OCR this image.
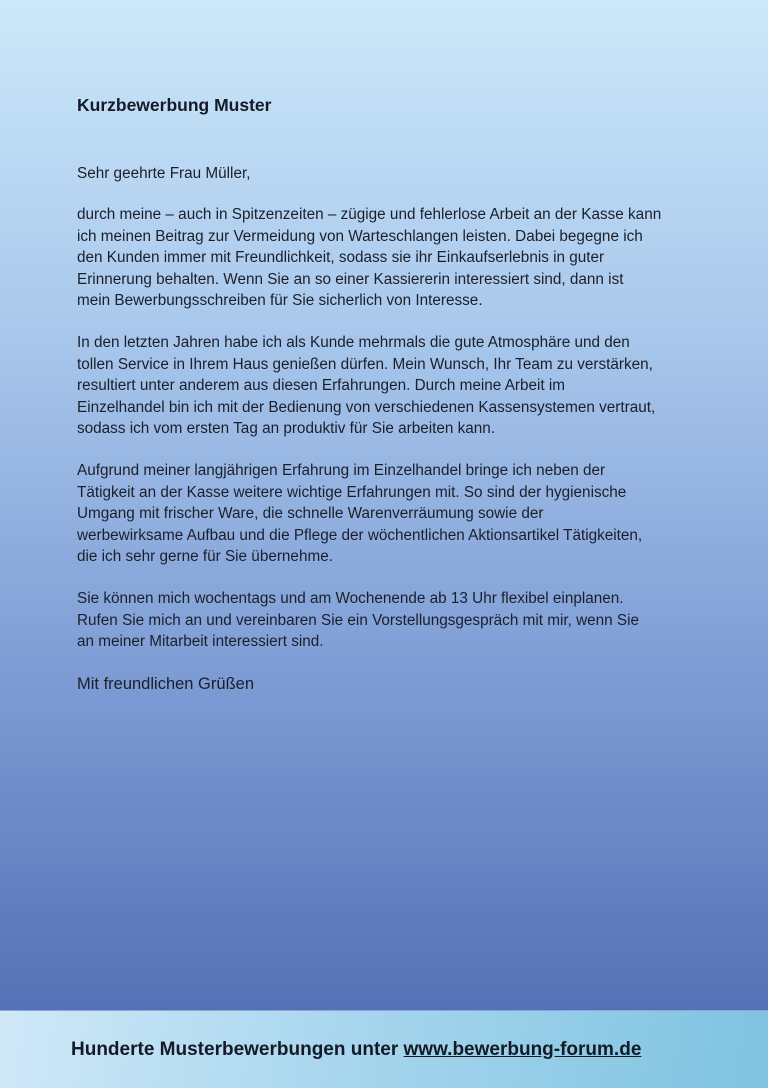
Kurzbewerbung Muster
Sehr geehrte Frau Müller,
durch meine – auch in Spitzenzeiten – zügige und fehlerlose Arbeit an der Kasse kann
ich meinen Beitrag zur Vermeidung von Warteschlangen leisten. Dabei begegne ich
den Kunden immer mit Freundlichkeit, sodass sie ihr Einkaufserlebnis in guter
Erinnerung behalten. Wenn Sie an so einer Kassiererin interessiert sind, dann ist
mein Bewerbungsschreiben für Sie sicherlich von Interesse.
In den letzten Jahren habe ich als Kunde mehrmals die gute Atmosphäre und den
tollen Service in Ihrem Haus genießen dürfen. Mein Wunsch, Ihr Team zu verstärken,
resultiert unter anderem aus diesen Erfahrungen. Durch meine Arbeit im
Einzelhandel bin ich mit der Bedienung von verschiedenen Kassensystemen vertraut,
sodass ich vom ersten Tag an produktiv für Sie arbeiten kann.
Aufgrund meiner langjährigen Erfahrung im Einzelhandel bringe ich neben der
Tätigkeit an der Kasse weitere wichtige Erfahrungen mit. So sind der hygienische
Umgang mit frischer Ware, die schnelle Warenverräumung sowie der
werbewirksame Aufbau und die Pflege der wöchentlichen Aktionsartikel Tätigkeiten,
die ich sehr gerne für Sie übernehme.
Sie können mich wochentags und am Wochenende ab 13 Uhr flexibel einplanen.
Rufen Sie mich an und vereinbaren Sie ein Vorstellungsgespräch mit mir, wenn Sie
an meiner Mitarbeit interessiert sind.
Mit freundlichen Grüßen
Hunderte Musterbewerbungen unter www.bewerbung-forum.de
